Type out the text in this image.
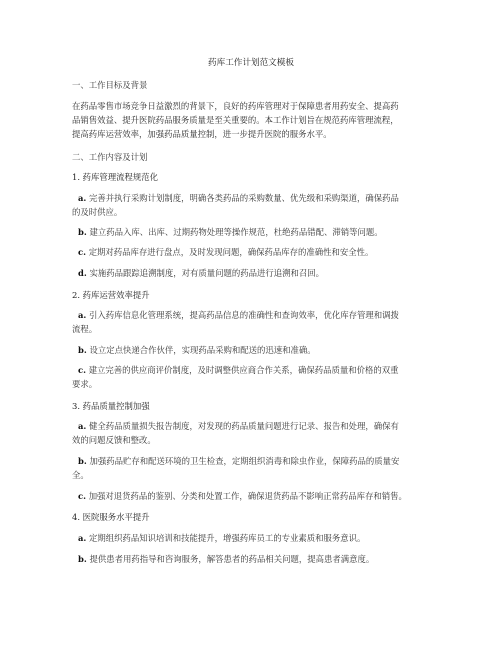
药库工作计划范文模板
一、工作目标及背景
在药品零售市场竞争日益激烈的背景下，良好的药库管理对于保障患者用药安全、提高药
品销售效益、提升医院药品服务质量是至关重要的。本工作计划旨在规范药库管理流程，
提高药库运营效率，加强药品质量控制，进一步提升医院的服务水平。
二、工作内容及计划
1. 药库管理流程规范化
a. 完善并执行采购计划制度，明确各类药品的采购数量、优先级和采购渠道，确保药品
的及时供应。
b. 建立药品入库、出库、过期药物处理等操作规范，杜绝药品错配、滞销等问题。
c. 定期对药品库存进行盘点，及时发现问题，确保药品库存的准确性和安全性。
d. 实施药品跟踪追溯制度，对有质量问题的药品进行追溯和召回。
2. 药库运营效率提升
a. 引入药库信息化管理系统，提高药品信息的准确性和查询效率，优化库存管理和调拨
流程。
b. 设立定点快递合作伙伴，实现药品采购和配送的迅速和准确。
c. 建立完善的供应商评价制度，及时调整供应商合作关系，确保药品质量和价格的双重
要求。
3. 药品质量控制加强
a. 健全药品质量损失报告制度，对发现的药品质量问题进行记录、报告和处理，确保有
效的问题反馈和整改。
b. 加强药品贮存和配送环境的卫生检查，定期组织消毒和除虫作业，保障药品的质量安
全。
c. 加强对退货药品的鉴别、分类和处置工作，确保退货药品不影响正常药品库存和销售。
4. 医院服务水平提升
a. 定期组织药品知识培训和技能提升，增强药库员工的专业素质和服务意识。
b. 提供患者用药指导和咨询服务，解答患者的药品相关问题，提高患者满意度。
